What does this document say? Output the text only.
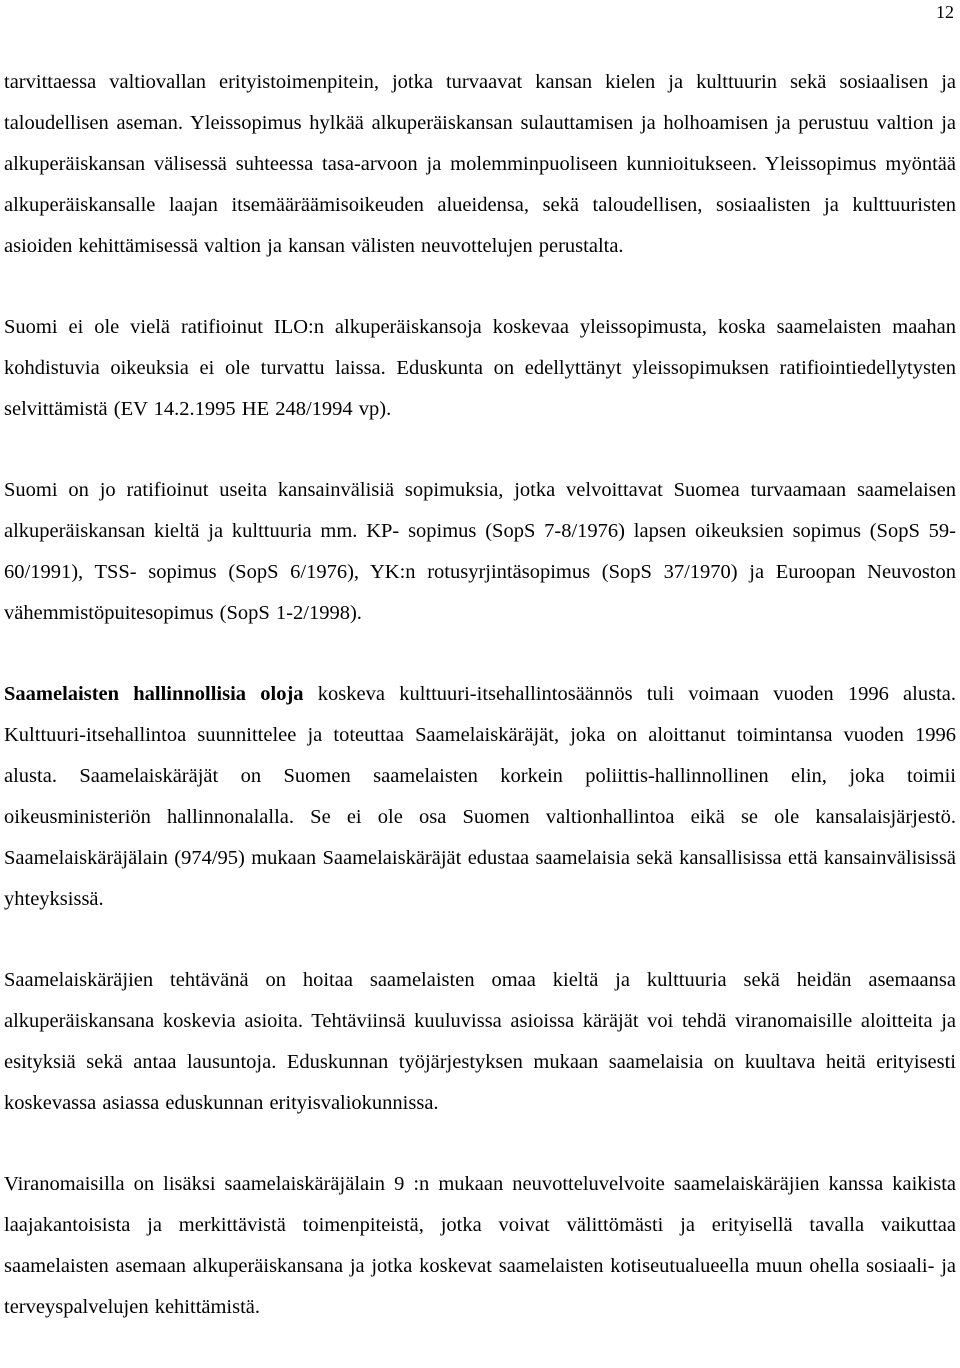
12

tarvittaessa valtiovallan erityistoimenpitein, jotka turvaavat kansan kielen ja kulttuurin sekä sosiaalisen ja taloudellisen aseman. Yleissopimus hylkää alkuperäiskansan sulauttamisen ja holhoamisen ja perustuu valtion ja alkuperäiskansan välisessä suhteessa tasa-arvoon ja molemminpuoliseen kunnioitukseen. Yleissopimus myöntää alkuperäiskansalle laajan itsemääräämisoikeuden alueidensa, sekä taloudellisen, sosiaalisten ja kulttuuristen asioiden kehittämisessä valtion ja kansan välisten neuvottelujen perustalta.

Suomi ei ole vielä ratifioinut ILO:n alkuperäiskansoja koskevaa yleissopimusta, koska saamelaisten maahan kohdistuvia oikeuksia ei ole turvattu laissa. Eduskunta on edellyttänyt yleissopimuksen ratifiointiedellytysten selvittämistä (EV 14.2.1995 HE 248/1994 vp).

Suomi on jo ratifioinut useita kansainvälisiä sopimuksia, jotka velvoittavat Suomea turvaamaan saamelaisen alkuperäiskansan kieltä ja kulttuuria mm. KP- sopimus (SopS 7-8/1976) lapsen oikeuksien sopimus (SopS 59-60/1991), TSS- sopimus (SopS 6/1976), YK:n rotusyrjintäsopimus (SopS 37/1970) ja Euroopan Neuvoston vähemmistöpuitesopimus (SopS 1-2/1998).

Saamelaisten hallinnollisia oloja koskeva kulttuuri-itsehallintosäännös tuli voimaan vuoden 1996 alusta. Kulttuuri-itsehallintoa suunnittelee ja toteuttaa Saamelaiskäräjät, joka on aloittanut toimintansa vuoden 1996 alusta. Saamelaiskäräjät on Suomen saamelaisten korkein poliittis-hallinnollinen elin, joka toimii oikeusministeriön hallinnonalalla. Se ei ole osa Suomen valtionhallintoa eikä se ole kansalaisjärjestö. Saamelaiskäräjälain (974/95) mukaan Saamelaiskäräjät edustaa saamelaisia sekä kansallisissa että kansainvälisissä yhteyksissä.

Saamelaiskäräjien tehtävänä on hoitaa saamelaisten omaa kieltä ja kulttuuria sekä heidän asemaansa alkuperäiskansana koskevia asioita. Tehtäviinsä kuuluvissa asioissa käräjät voi tehdä viranomaisille aloitteita ja esityksiä sekä antaa lausuntoja. Eduskunnan työjärjestyksen mukaan saamelaisia on kuultava heitä erityisesti koskevassa asiassa eduskunnan erityisvaliokunnissa.

Viranomaisilla on lisäksi saamelaiskäräjälain 9 :n mukaan neuvotteluvelvoite saamelaiskäräjien kanssa kaikista laajakantoisista ja merkittävistä toimenpiteistä, jotka voivat välittömästi ja erityisellä tavalla vaikuttaa saamelaisten asemaan alkuperäiskansana ja jotka koskevat saamelaisten kotiseutualueella muun ohella sosiaali- ja terveyspalvelujen kehittämistä.
